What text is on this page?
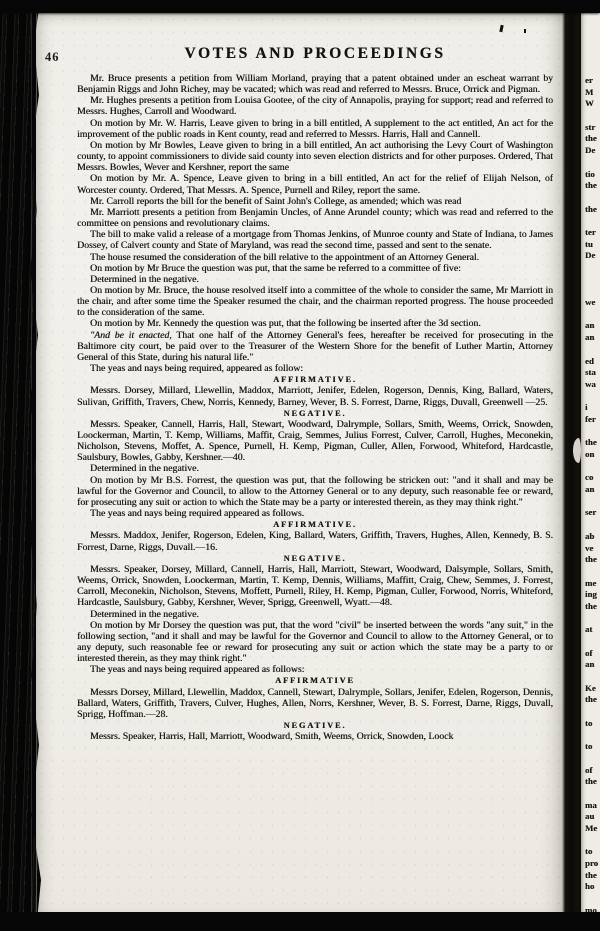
46	VOTES AND PROCEEDINGS

Mr. Bruce presents a petition from William Morland, praying that a patent obtained under an escheat warrant by Benjamin Riggs and John Richey, may be vacated; which was read and referred to Messrs. Bruce, Orrick and Pigman.

Mr. Hughes presents a petition from Louisa Gootee, of the city of Annapolis, praying for support; read and referred to Messrs. Hughes, Carroll and Woodward.

On motion by Mr. W. Harris, Leave given to bring in a bill entitled, A supplement to the act entitled, An act for the improvement of the public roads in Kent county, read and referred to Messrs. Harris, Hall and Cannell.

On motion by Mr Bowles, Leave given to bring in a bill entitled, An act authorising the Levy Court of Washington county, to appoint commissioners to divide said county into seven election districts and for other purposes. Ordered, That Messrs. Bowles, Wever and Kershner, report the same

On motion by Mr. A. Spence, Leave given to bring in a bill entitled, An act for the relief of Elijah Nelson, of Worcester county. Ordered, That Messrs. A. Spence, Purnell and Riley, report the same.

Mr. Carroll reports the bill for the benefit of Saint John's College, as amended; which was read

Mr. Marriott presents a petition from Benjamin Uncles, of Anne Arundel county; which was read and referred to the committee on pensions and revolutionary claims.

The bill to make valid a release of a mortgage from Thomas Jenkins, of Munroe county and State of Indiana, to James Dossey, of Calvert county and State of Maryland, was read the second time, passed and sent to the senate.

The house resumed the consideration of the bill relative to the appointment of an Attorney General.

On motion by Mr Bruce the question was put, that the same be referred to a committee of five:

Determined in the negative.

On motion by Mr. Bruce, the house resolved itself into a committee of the whole to consider the same, Mr Marriott in the chair, and after some time the Speaker resumed the chair, and the chairman reported progress. The house proceeded to the consideration of the same.

On motion by Mr. Kennedy the question was put, that the following be inserted after the 3d section.

"And be it enacted, That one half of the Attorney General's fees, hereafter be received for prosecuting in the Baltimore city court, be paid over to the Treasurer of the Western Shore for the benefit of Luther Martin, Attorney General of this State, during his natural life."

The yeas and nays being required, appeared as follow:

AFFIRMATIVE.

Messrs. Dorsey, Millard, Llewellin, Maddox, Marriott, Jenifer, Edelen, Rogerson, Dennis, King, Ballard, Waters, Sulivan, Griffith, Travers, Chew, Norris, Kennedy, Barney, Wever, B. S. Forrest, Darne, Riggs, Duvall, Greenwell —25.

NEGATIVE.

Messrs. Speaker, Cannell, Harris, Hall, Stewart, Woodward, Dalrymple, Sollars, Smith, Weems, Orrick, Snowden, Loockerman, Martin, T. Kemp, Williams, Maffit, Craig, Semmes, Julius Forrest, Culver, Carroll, Hughes, Meconekin, Nicholson, Stevens, Moffet, A. Spence, Purnell, H. Kemp, Pigman, Culler, Allen, Forwood, Whiteford, Hardcastle, Saulsbury, Bowles, Gabby, Kershner.—40.

Determined in the negative.

On motion by Mr B.S. Forrest, the question was put, that the following be stricken out: "and it shall and may be lawful for the Governor and Council, to allow to the Attorney General or to any deputy, such reasonable fee or reward, for prosecuting any suit or action to which the State may be a party or interested therein, as they may think right."

The yeas and nays being required appeared as follows.

AFFIRMATIVE.

Messrs. Maddox, Jenifer, Rogerson, Edelen, King, Ballard, Waters, Griffith, Travers, Hughes, Allen, Kennedy, B. S. Forrest, Darne, Riggs, Duvall.—16.

NEGATIVE.

Messrs. Speaker, Dorsey, Millard, Cannell, Harris, Hall, Marriott, Stewart, Woodward, Dalsymple, Sollars, Smith, Weems, Orrick, Snowden, Loockerman, Martin, T. Kemp, Dennis, Williams, Maffitt, Craig, Chew, Semmes, J. Forrest, Carroll, Meconekin, Nicholson, Stevens, Moffett, Purnell, Riley, H. Kemp, Pigman, Culler, Forwood, Norris, Whiteford, Hardcastle, Saulsbury, Gabby, Kershner, Wever, Sprigg, Greenwell, Wyatt.—48.

Determined in the negative.

On motion by Mr Dorsey the question was put, that the word "civil" be inserted between the words "any suit," in the following section, "and it shall and may be lawful for the Governor and Council to allow to the Attorney General, or to any deputy, such reasonable fee or reward for prosecuting any suit or action which the state may be a party to or interested therein, as they may think right."

The yeas and nays being required appeared as follows:

AFFIRMATIVE

Messrs Dorsey, Millard, Llewellin, Maddox, Cannell, Stewart, Dalrymple, Sollars, Jenifer, Edelen, Rogerson, Dennis, Ballard, Waters, Griffith, Travers, Culver, Hughes, Allen, Norrs, Kershner, Wever, B. S. Forrest, Darne, Riggs, Duvall, Sprigg, Hoffman.—28.

NEGATIVE.

Messrs. Speaker, Harris, Hall, Marriott, Woodward, Smith, Weems, Orrick, Snowden, Loock

er
M
W
str
the
De
tio
the
the
ter
tu
De
we
an
an
ed
sta
wa
i
fer
the
on
co
an
ser
ab
ve
the
me
ing
the
at
of
an
Ke
the
to
to
of
the
ma
au
Me
to
pro
the
ho
mo
